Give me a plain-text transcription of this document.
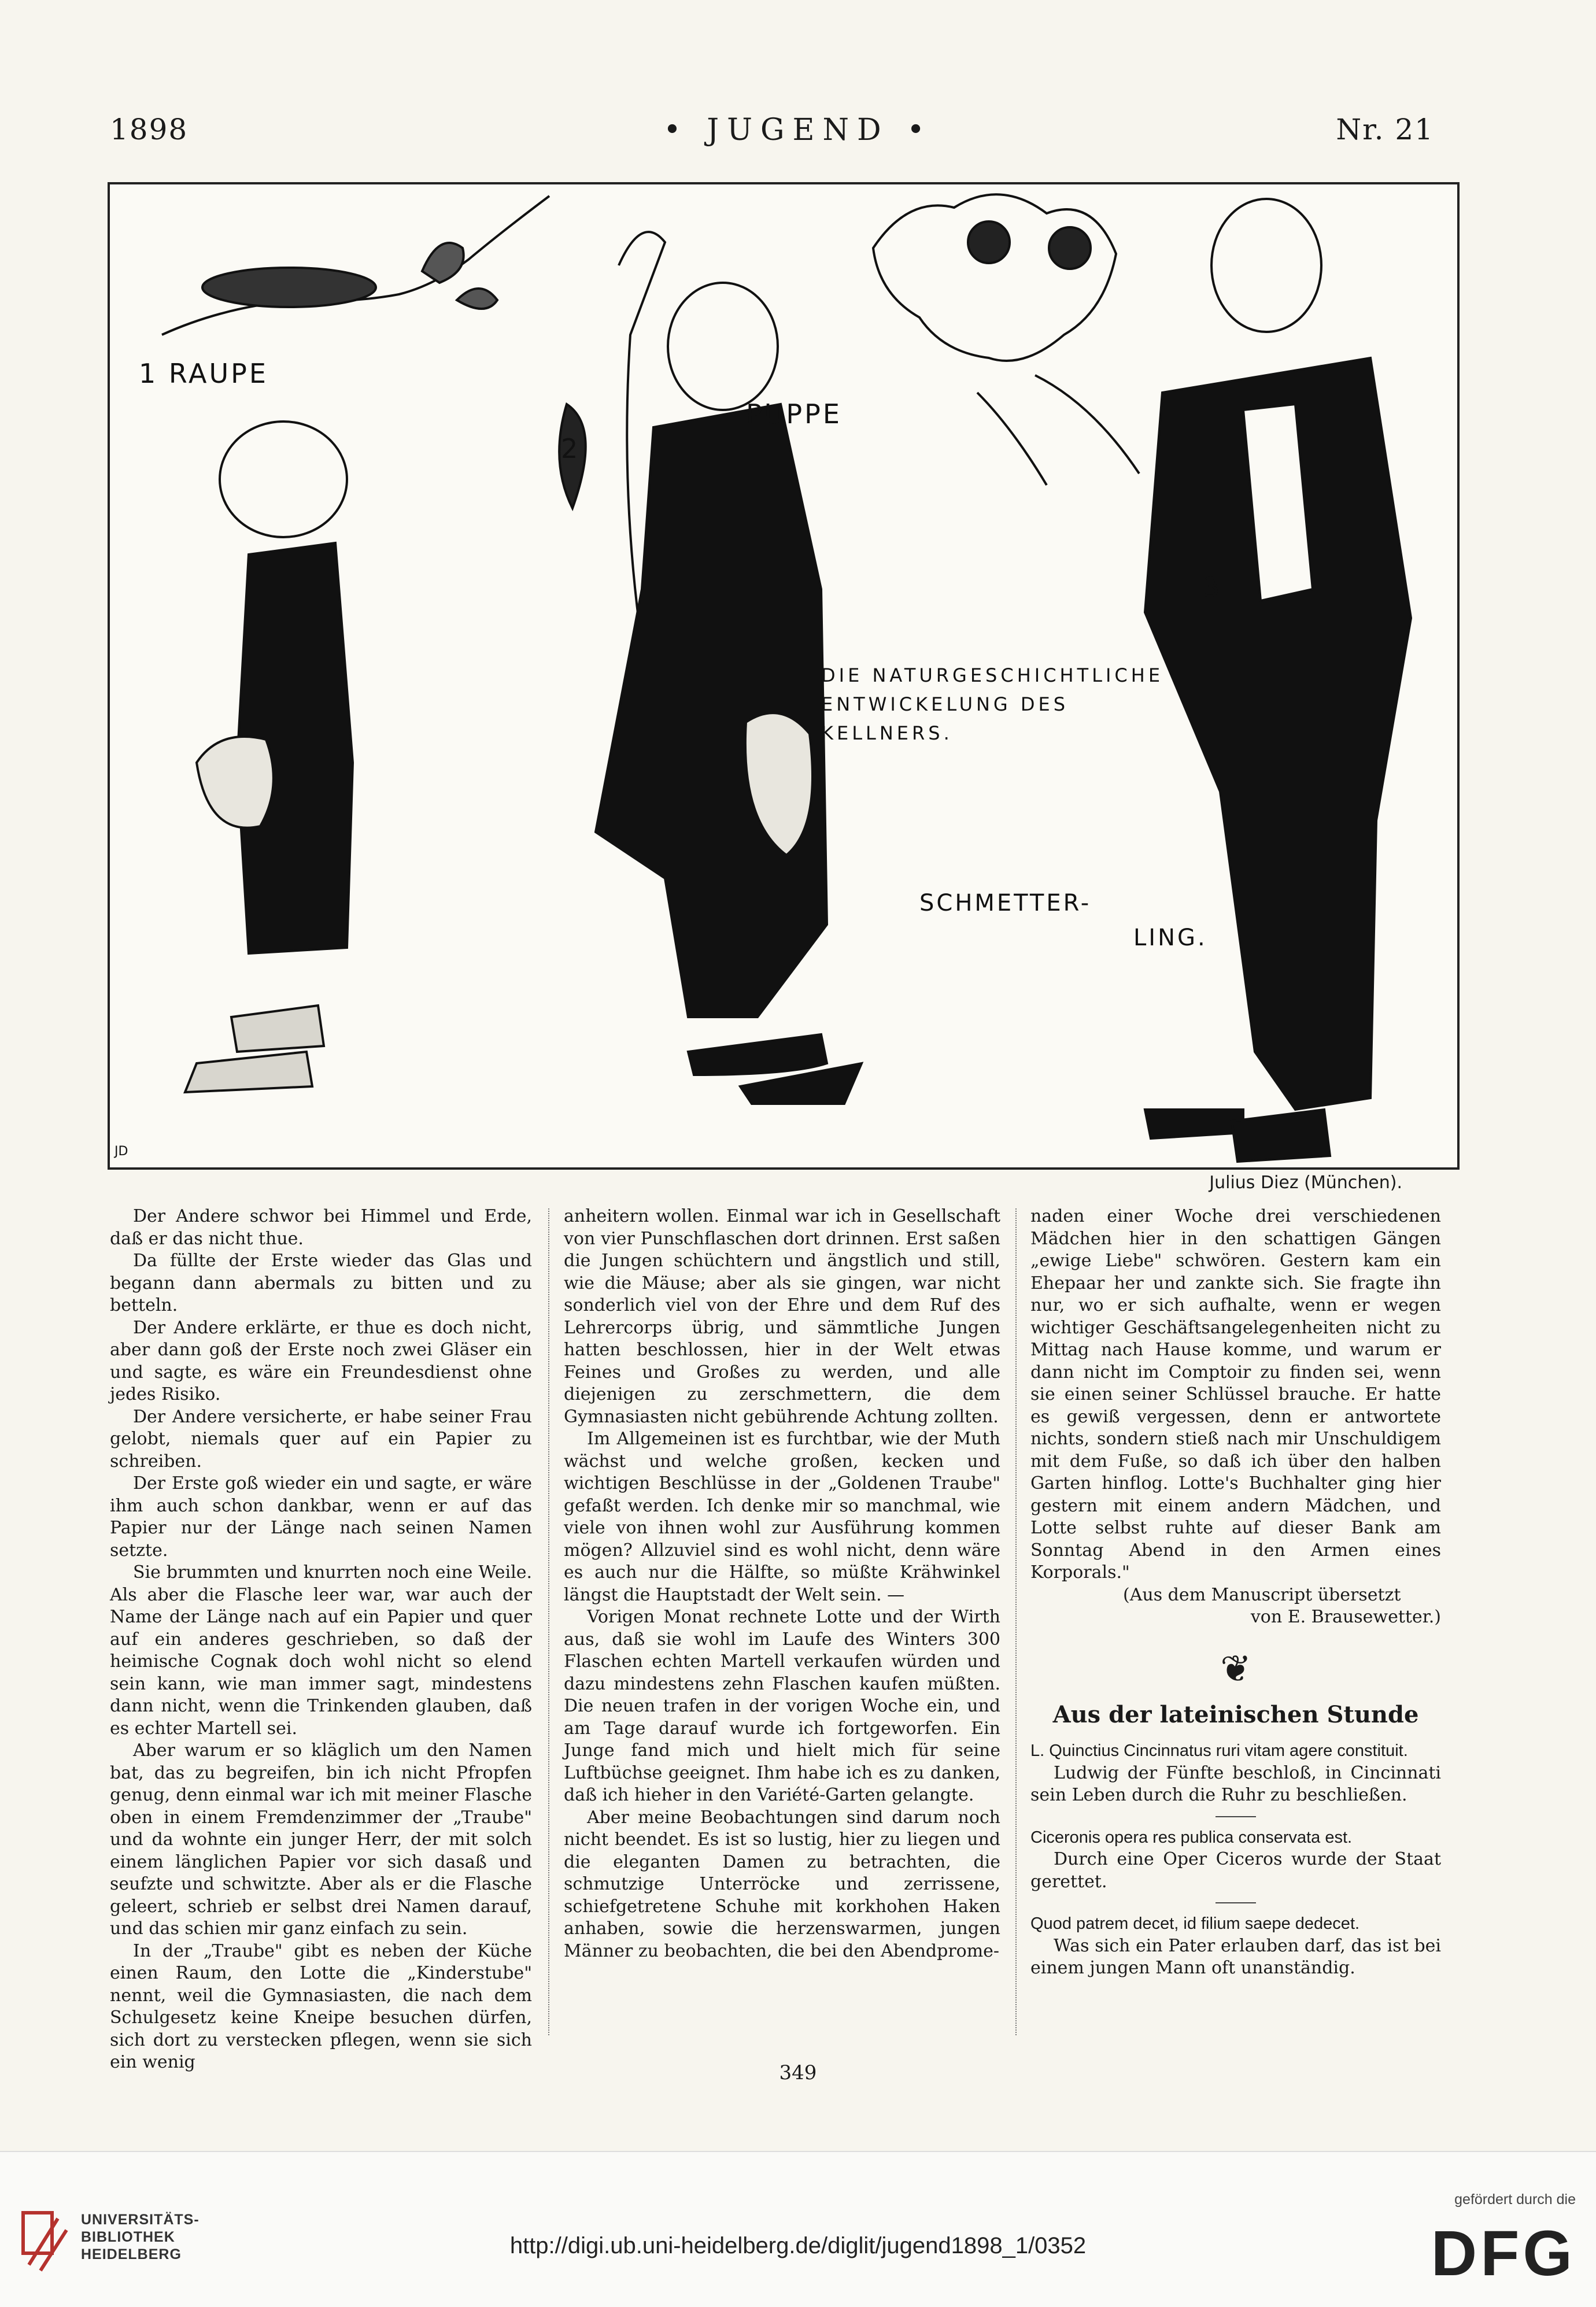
1898	• JUGEND •	Nr. 21
1 RAUPE
2
PUPPE
3
DIE NATURGESCHICHTLICHE
ENTWICKELUNG DES
KELLNERS.
SCHMETTER-
LING.
JD
Julius Diez (München).

Der Andere schwor bei Himmel und Erde, daß er das nicht thue.

Da füllte der Erste wieder das Glas und begann dann abermals zu bitten und zu betteln.

Der Andere erklärte, er thue es doch nicht, aber dann goß der Erste noch zwei Gläser ein und sagte, es wäre ein Freundesdienst ohne jedes Risiko.

Der Andere versicherte, er habe seiner Frau gelobt, niemals quer auf ein Papier zu schreiben.

Der Erste goß wieder ein und sagte, er wäre ihm auch schon dankbar, wenn er auf das Papier nur der Länge nach seinen Namen setzte.

Sie brummten und knurrten noch eine Weile. Als aber die Flasche leer war, war auch der Name der Länge nach auf ein Papier und quer auf ein anderes geschrieben, so daß der heimische Cognak doch wohl nicht so elend sein kann, wie man immer sagt, mindestens dann nicht, wenn die Trinkenden glauben, daß es echter Martell sei.

Aber warum er so kläglich um den Namen bat, das zu begreifen, bin ich nicht Pfropfen genug, denn einmal war ich mit meiner Flasche oben in einem Fremdenzimmer der „Traube" und da wohnte ein junger Herr, der mit solch einem länglichen Papier vor sich dasaß und seufzte und schwitzte. Aber als er die Flasche geleert, schrieb er selbst drei Namen darauf, und das schien mir ganz einfach zu sein.

In der „Traube" gibt es neben der Küche einen Raum, den Lotte die „Kinderstube" nennt, weil die Gymnasiasten, die nach dem Schulgesetz keine Kneipe besuchen dürfen, sich dort zu verstecken pflegen, wenn sie sich ein wenig

anheitern wollen. Einmal war ich in Gesellschaft von vier Punschflaschen dort drinnen. Erst saßen die Jungen schüchtern und ängstlich und still, wie die Mäuse; aber als sie gingen, war nicht sonderlich viel von der Ehre und dem Ruf des Lehrercorps übrig, und sämmtliche Jungen hatten beschlossen, hier in der Welt etwas Feines und Großes zu werden, und alle diejenigen zu zerschmettern, die dem Gymnasiasten nicht gebührende Achtung zollten.

Im Allgemeinen ist es furchtbar, wie der Muth wächst und welche großen, kecken und wichtigen Beschlüsse in der „Goldenen Traube" gefaßt werden. Ich denke mir so manchmal, wie viele von ihnen wohl zur Ausführung kommen mögen? Allzuviel sind es wohl nicht, denn wäre es auch nur die Hälfte, so müßte Krähwinkel längst die Hauptstadt der Welt sein. —

Vorigen Monat rechnete Lotte und der Wirth aus, daß sie wohl im Laufe des Winters 300 Flaschen echten Martell verkaufen würden und dazu mindestens zehn Flaschen kaufen müßten. Die neuen trafen in der vorigen Woche ein, und am Tage darauf wurde ich fortgeworfen. Ein Junge fand mich und hielt mich für seine Luftbüchse geeignet. Ihm habe ich es zu danken, daß ich hieher in den Variété-Garten gelangte.

Aber meine Beobachtungen sind darum noch nicht beendet. Es ist so lustig, hier zu liegen und die eleganten Damen zu betrachten, die schmutzige Unterröcke und zerrissene, schiefgetretene Schuhe mit korkhohen Haken anhaben, sowie die herzenswarmen, jungen Männer zu beobachten, die bei den Abendprome-

naden einer Woche drei verschiedenen Mädchen hier in den schattigen Gängen „ewige Liebe" schwören. Gestern kam ein Ehepaar her und zankte sich. Sie fragte ihn nur, wo er sich aufhalte, wenn er wegen wichtiger Geschäftsangelegenheiten nicht zu Mittag nach Hause komme, und warum er dann nicht im Comptoir zu finden sei, wenn sie einen seiner Schlüssel brauche. Er hatte es gewiß vergessen, denn er antwortete nichts, sondern stieß nach mir Unschuldigem mit dem Fuße, so daß ich über den halben Garten hinflog. Lotte's Buchhalter ging hier gestern mit einem andern Mädchen, und Lotte selbst ruhte auf dieser Bank am Sonntag Abend in den Armen eines Korporals."

(Aus dem Manuscript übersetzt

von E. Brausewetter.)

❦
Aus der lateinischen Stunde

L. Quinctius Cincinnatus ruri vitam agere constituit.

Ludwig der Fünfte beschloß, in Cincinnati sein Leben durch die Ruhr zu beschließen.

Ciceronis opera res publica conservata est.

Durch eine Oper Ciceros wurde der Staat gerettet.

Quod patrem decet, id filium saepe dedecet.

Was sich ein Pater erlauben darf, das ist bei einem jungen Mann oft unanständig.

349
UNIVERSITÄTS-
BIBLIOTHEK
HEIDELBERG	http://digi.ub.uni-heidelberg.de/diglit/jugend1898_1/0352
gefördert durch die
DFG
